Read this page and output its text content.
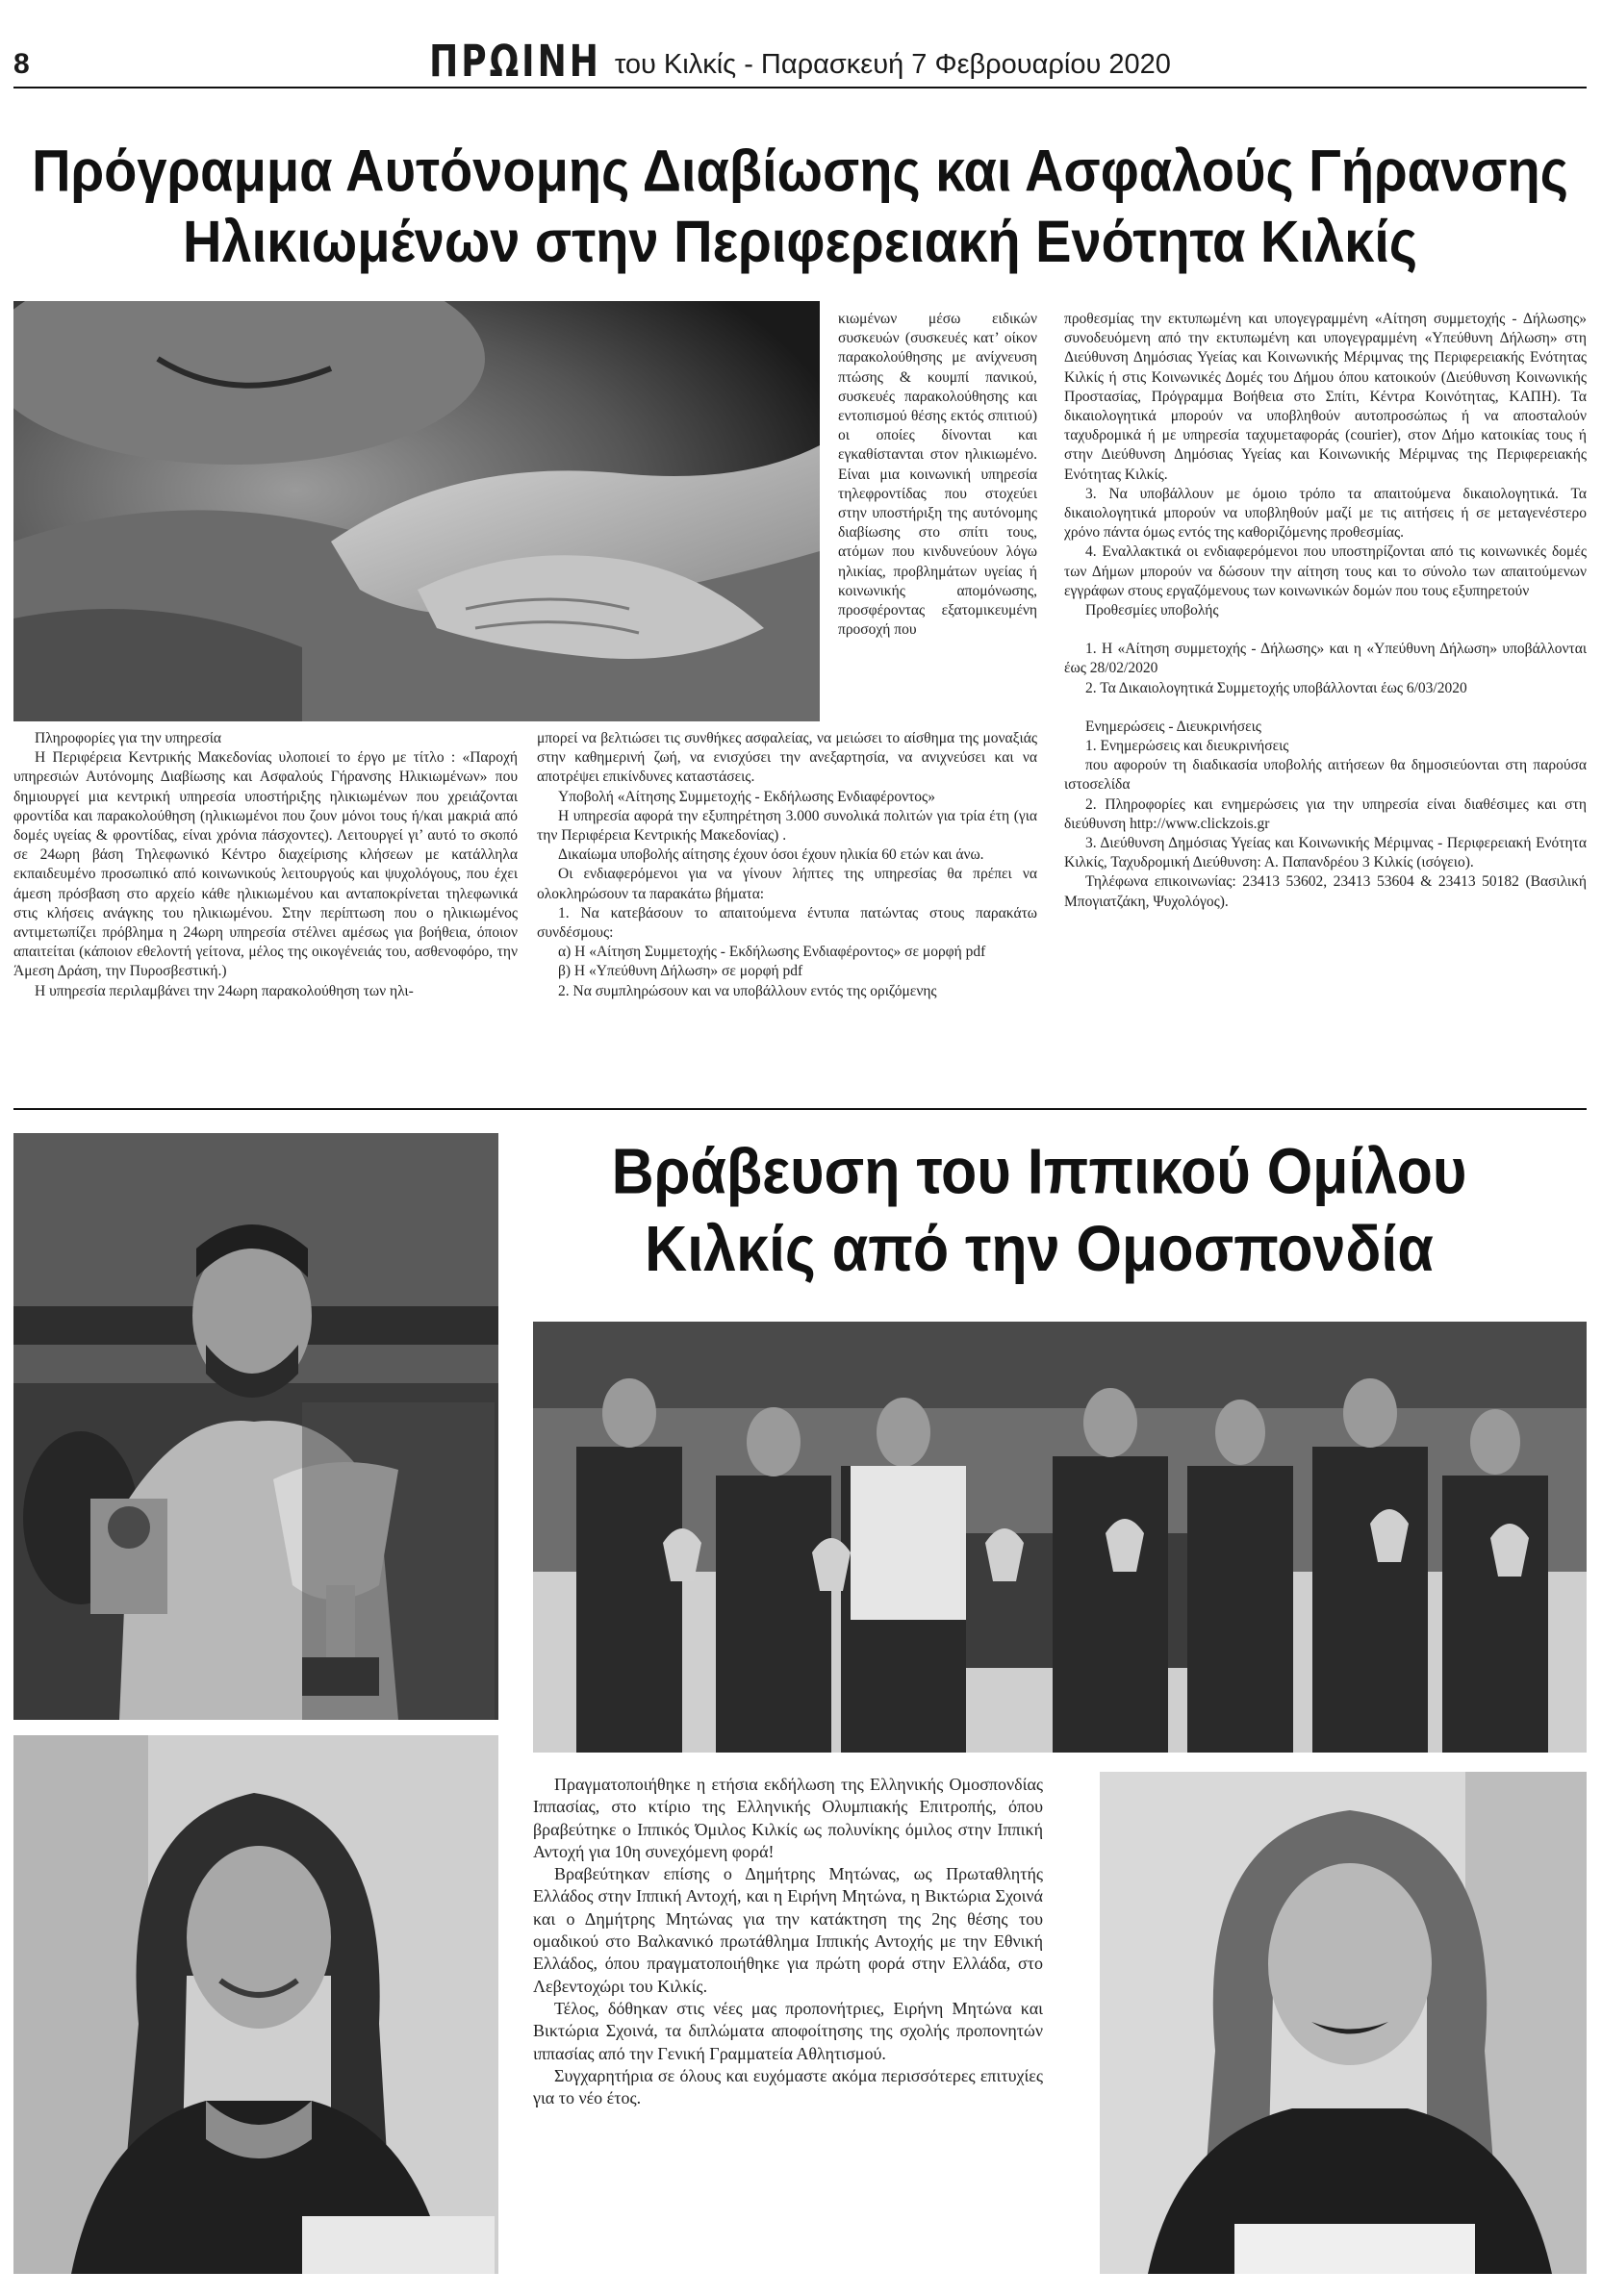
8	ΠΡΩΙΝΗ του Κιλκίς - Παρασκευή 7 Φεβρουαρίου 2020
Πρόγραμμα Αυτόνομης Διαβίωσης και Ασφαλούς Γήρανσης
Ηλικιωμένων στην Περιφερειακή Ενότητα Κιλκίς

κιωμένων μέσω ειδικών συσκευών (συσκευές κατ’ οίκον παρακολούθησης με ανίχνευση πτώσης & κουμπί πανικού, συσκευές παρακολούθησης και εντοπισμού θέσης εκτός σπιτιού) οι οποίες δίνονται και εγκαθίστανται στον ηλικιωμένο. Είναι μια κοινωνική υπηρεσία τηλεφροντίδας που στοχεύει στην υποστήριξη της αυτόνομης διαβίωσης στο σπίτι τους, ατόμων που κινδυνεύουν λόγω ηλικίας, προβλημάτων υγείας ή κοινωνικής απομόνωσης, προσφέροντας εξατομικευμένη προσοχή που

Πληροφορίες για την υπηρεσία

Η Περιφέρεια Κεντρικής Μακεδονίας υλοποιεί το έργο με τίτλο : «Παροχή υπηρεσιών Αυτόνομης Διαβίωσης και Ασφαλούς Γήρανσης Ηλικιωμένων» που δημιουργεί μια κεντρική υπηρεσία υποστήριξης ηλικιωμένων που χρειάζονται φροντίδα και παρακολούθηση (ηλικιωμένοι που ζουν μόνοι τους ή/και μακριά από δομές υγείας & φροντίδας, είναι χρόνια πάσχοντες). Λειτουργεί γι’ αυτό το σκοπό σε 24ωρη βάση Τηλεφωνικό Κέντρο διαχείρισης κλήσεων με κατάλληλα εκπαιδευμένο προσωπικό από κοινωνικούς λειτουργούς και ψυχολόγους, που έχει άμεση πρόσβαση στο αρχείο κάθε ηλικιωμένου και ανταποκρίνεται τηλεφωνικά στις κλήσεις ανάγκης του ηλικιωμένου. Στην περίπτωση που ο ηλικιωμένος αντιμετωπίζει πρόβλημα η 24ωρη υπηρεσία στέλνει αμέσως για βοήθεια, όποιον απαιτείται (κάποιον εθελοντή γείτονα, μέλος της οικογένειάς του, ασθενοφόρο, την Άμεση Δράση, την Πυροσβεστική.)

Η υπηρεσία περιλαμβάνει την 24ωρη παρακολούθηση των ηλι-

μπορεί να βελτιώσει τις συνθήκες ασφαλείας, να μειώσει το αίσθημα της μοναξιάς στην καθημερινή ζωή, να ενισχύσει την ανεξαρτησία, να ανιχνεύσει και να αποτρέψει επικίνδυνες καταστάσεις.

Υποβολή «Αίτησης Συμμετοχής - Εκδήλωσης Ενδιαφέροντος»

Η υπηρεσία αφορά την εξυπηρέτηση 3.000 συνολικά πολιτών για τρία έτη (για την Περιφέρεια Κεντρικής Μακεδονίας) .

Δικαίωμα υποβολής αίτησης έχουν όσοι έχουν ηλικία 60 ετών και άνω.

Οι ενδιαφερόμενοι για να γίνουν λήπτες της υπηρεσίας θα πρέπει να ολοκληρώσουν τα παρακάτω βήματα:

1. Να κατεβάσουν το απαιτούμενα έντυπα πατώντας στους παρακάτω συνδέσμους:

α) Η «Αίτηση Συμμετοχής - Εκδήλωσης Ενδιαφέροντος» σε μορφή pdf

β) Η «Υπεύθυνη Δήλωση» σε μορφή pdf

2. Να συμπληρώσουν και να υποβάλλουν εντός της οριζόμενης

προθεσμίας την εκτυπωμένη και υπογεγραμμένη «Αίτηση συμμετοχής - Δήλωσης» συνοδευόμενη από την εκτυπωμένη και υπογεγραμμένη «Υπεύθυνη Δήλωση» στη Διεύθυνση Δημόσιας Υγείας και Κοινωνικής Μέριμνας της Περιφερειακής Ενότητας Κιλκίς ή στις Κοινωνικές Δομές του Δήμου όπου κατοικούν (Διεύθυνση Κοινωνικής Προστασίας, Πρόγραμμα Βοήθεια στο Σπίτι, Κέντρα Κοινότητας, ΚΑΠΗ). Τα δικαιολογητικά μπορούν να υποβληθούν αυτοπροσώπως ή να αποσταλούν ταχυδρομικά ή με υπηρεσία ταχυμεταφοράς (courier), στον Δήμο κατοικίας τους ή στην Διεύθυνση Δημόσιας Υγείας και Κοινωνικής Μέριμνας της Περιφερειακής Ενότητας Κιλκίς.

3. Να υποβάλλουν με όμοιο τρόπο τα απαιτούμενα δικαιολογητικά. Τα δικαιολογητικά μπορούν να υποβληθούν μαζί με τις αιτήσεις ή σε μεταγενέστερο χρόνο πάντα όμως εντός της καθοριζόμενης προθεσμίας.

4. Εναλλακτικά οι ενδιαφερόμενοι που υποστηρίζονται από τις κοινωνικές δομές των Δήμων μπορούν να δώσουν την αίτηση τους και το σύνολο των απαιτούμενων εγγράφων στους εργαζόμενους των κοινωνικών δομών που τους εξυπηρετούν

Προθεσμίες υποβολής

1. Η «Αίτηση συμμετοχής - Δήλωσης» και η «Υπεύθυνη Δήλωση» υποβάλλονται έως 28/02/2020

2. Τα Δικαιολογητικά Συμμετοχής υποβάλλονται έως 6/03/2020

Ενημερώσεις - Διευκρινήσεις

1. Ενημερώσεις και διευκρινήσεις

που αφορούν τη διαδικασία υποβολής αιτήσεων θα δημοσιεύονται στη παρούσα ιστοσελίδα

2. Πληροφορίες και ενημερώσεις για την υπηρεσία είναι διαθέσιμες και στη διεύθυνση http://www.clickzois.gr

3. Διεύθυνση Δημόσιας Υγείας και Κοινωνικής Μέριμνας - Περιφερειακή Ενότητα Κιλκίς, Ταχυδρομική Διεύθυνση: Α. Παπανδρέου 3 Κιλκίς (ισόγειο).

Τηλέφωνα επικοινωνίας: 23413 53602, 23413 53604 & 23413 50182 (Βασιλική Μπογιατζάκη, Ψυχολόγος).

Βράβευση του Ιππικού Ομίλου
Κιλκίς από την Ομοσπονδία

Πραγματοποιήθηκε η ετήσια εκδήλωση της Ελληνικής Ομοσπονδίας Ιππασίας, στο κτίριο της Ελληνικής Ολυμπιακής Επιτροπής, όπου βραβεύτηκε ο Ιππικός Όμιλος Κιλκίς ως πολυνίκης όμιλος στην Ιππική Αντοχή για 10η συνεχόμενη φορά!

Βραβεύτηκαν επίσης ο Δημήτρης Μητώνας, ως Πρωταθλητής Ελλάδος στην Ιππική Αντοχή, και η Ειρήνη Μητώνα, η Βικτώρια Σχοινά και ο Δημήτρης Μητώνας για την κατάκτηση της 2ης θέσης του ομαδικού στο Βαλκανικό πρωτάθλημα Ιππικής Αντοχής με την Εθνική Ελλάδος, όπου πραγματοποιήθηκε για πρώτη φορά στην Ελλάδα, στο Λεβεντοχώρι του Κιλκίς.

Τέλος, δόθηκαν στις νέες μας προπονήτριες, Ειρήνη Μητώνα και Βικτώρια Σχοινά, τα διπλώματα αποφοίτησης της σχολής προπονητών ιππασίας από την Γενική Γραμματεία Αθλητισμού.

Συγχαρητήρια σε όλους και ευχόμαστε ακόμα περισσότερες επιτυχίες για το νέο έτος.
